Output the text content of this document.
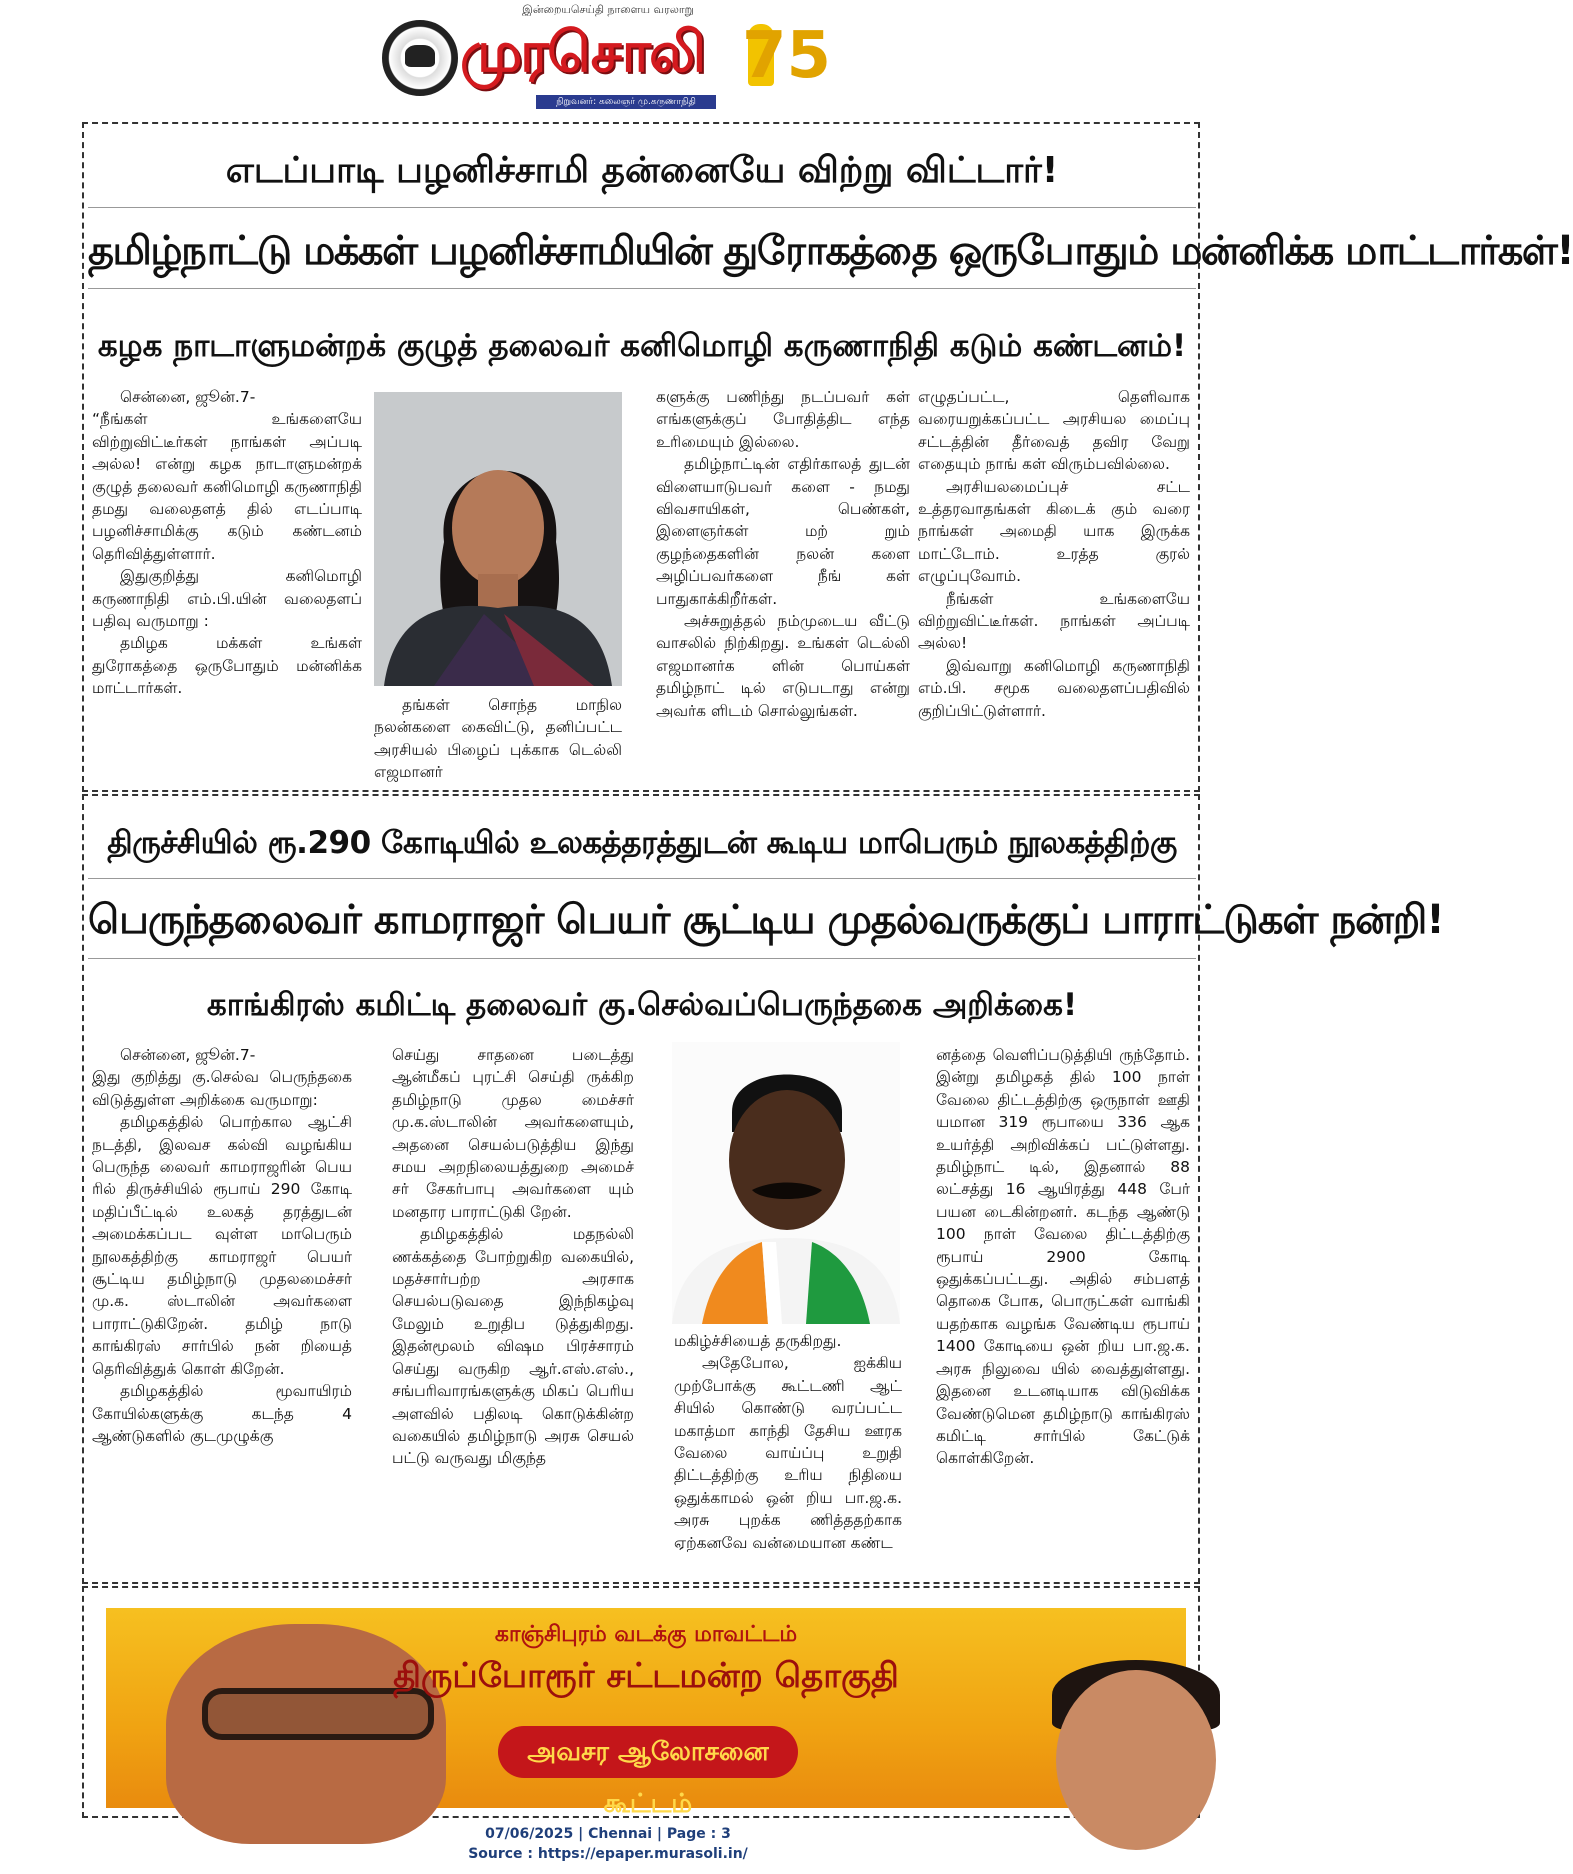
இன்றையசெய்தி நாளைய வரலாறு
முரசொலி
நிறுவனர்: கலைஞர் மு.கருணாநிதி
75
எடப்பாடி பழனிச்சாமி தன்னையே விற்று விட்டார்!
தமிழ்நாட்டு மக்கள் பழனிச்சாமியின் துரோகத்தை ஒருபோதும் மன்னிக்க மாட்டார்கள்!
கழக நாடாளுமன்றக் குழுத் தலைவர் கனிமொழி கருணாநிதி கடும் கண்டனம்!

சென்னை, ஜூன்.7-

“நீங்கள் உங்களையே விற்றுவிட்டீர்கள் நாங்கள் அப்படி அல்ல! என்று கழக நாடாளுமன்றக் குழுத் தலைவர் கனிமொழி கருணாநிதி தமது வலைதளத் தில் எடப்பாடி பழனிச்சாமிக்கு கடும் கண்டனம் தெரிவித்துள்ளார்.

இதுகுறித்து கனிமொழி கருணாநிதி எம்.பி.யின் வலைதளப் பதிவு வருமாறு :

தமிழக மக்கள் உங்கள் துரோகத்தை ஒருபோதும் மன்னிக்க மாட்டார்கள்.

தங்கள் சொந்த மாநில நலன்களை கைவிட்டு, தனிப்பட்ட அரசியல் பிழைப் புக்காக டெல்லி எஜமானர்

களுக்கு பணிந்து நடப்பவர் கள் எங்களுக்குப் போதித்திட எந்த உரிமையும் இல்லை.

தமிழ்நாட்டின் எதிர்காலத் துடன் விளையாடுபவர் களை - நமது விவசாயிகள், பெண்கள், இளைஞர்கள் மற் றும் குழந்தைகளின் நலன் களை அழிப்பவர்களை நீங் கள் பாதுகாக்கிறீர்கள்.

அச்சுறுத்தல் நம்முடைய வீட்டு வாசலில் நிற்கிறது. உங்கள் டெல்லி எஜமானர்க ளின் பொய்கள் தமிழ்நாட் டில் எடுபடாது என்று அவர்க ளிடம் சொல்லுங்கள்.

எழுதப்பட்ட, தெளிவாக வரையறுக்கப்பட்ட அரசியல மைப்பு சட்டத்தின் தீர்வைத் தவிர வேறு எதையும் நாங் கள் விரும்பவில்லை.

அரசியலமைப்புச் சட்ட உத்தரவாதங்கள் கிடைக் கும் வரை நாங்கள் அமைதி யாக இருக்க மாட்டோம். உரத்த குரல் எழுப்புவோம்.

நீங்கள் உங்களையே விற்றுவிட்டீர்கள். நாங்கள் அப்படி அல்ல!

இவ்வாறு கனிமொழி கருணாநிதி எம்.பி. சமூக வலைதளப்பதிவில் குறிப்பிட்டுள்ளார்.

திருச்சியில் ரூ.290 கோடியில் உலகத்தரத்துடன் கூடிய மாபெரும் நூலகத்திற்கு
பெருந்தலைவர் காமராஜர் பெயர் சூட்டிய முதல்வருக்குப் பாராட்டுகள் நன்றி!
காங்கிரஸ் கமிட்டி தலைவர் கு.செல்வப்பெருந்தகை அறிக்கை!

சென்னை, ஜூன்.7-

இது குறித்து கு.செல்வ பெருந்தகை விடுத்துள்ள அறிக்கை வருமாறு:

தமிழகத்தில் பொற்கால ஆட்சி நடத்தி, இலவச கல்வி வழங்கிய பெருந்த லைவர் காமராஜரின் பெய ரில் திருச்சியில் ரூபாய் 290 கோடி மதிப்பீட்டில் உலகத் தரத்துடன் அமைக்கப்பட வுள்ள மாபெரும் நூலகத்திற்கு காமராஜர் பெயர் சூட்டிய தமிழ்நாடு முதலமைச்சர் மு.க. ஸ்டாலின் அவர்களை பாராட்டுகிறேன். தமிழ் நாடு காங்கிரஸ் சார்பில் நன் றியைத் தெரிவித்துக் கொள் கிறேன்.

தமிழகத்தில் மூவாயிரம் கோயில்களுக்கு கடந்த 4 ஆண்டுகளில் குடமுழுக்கு

செய்து சாதனை படைத்து ஆன்மீகப் புரட்சி செய்தி ருக்கிற தமிழ்நாடு முதல மைச்சர் மு.க.ஸ்டாலின் அவர்களையும், அதனை செயல்படுத்திய இந்து சமய அறநிலையத்துறை அமைச் சர் சேகர்பாபு அவர்களை யும் மனதார பாராட்டுகி றேன்.

தமிழகத்தில் மதநல்லி ணக்கத்தை போற்றுகிற வகையில், மதச்சார்பற்ற அரசாக செயல்படுவதை இந்நிகழ்வு மேலும் உறுதிப டுத்துகிறது. இதன்மூலம் விஷம பிரச்சாரம் செய்து வருகிற ஆர்.எஸ்.எஸ்., சங்பரிவாரங்களுக்கு மிகப் பெரிய அளவில் பதிலடி கொடுக்கின்ற வகையில் தமிழ்நாடு அரசு செயல் பட்டு வருவது மிகுந்த

மகிழ்ச்சியைத் தருகிறது.

அதேபோல, ஐக்கிய முற்போக்கு கூட்டணி ஆட் சியில் கொண்டு வரப்பட்ட மகாத்மா காந்தி தேசிய ஊரக வேலை வாய்ப்பு உறுதி திட்டத்திற்கு உரிய நிதியை ஒதுக்காமல் ஒன் றிய பா.ஜ.க. அரசு புறக்க ணித்ததற்காக ஏற்கனவே வன்மையான கண்ட

னத்தை வெளிப்படுத்தியி ருந்தோம். இன்று தமிழகத் தில் 100 நாள் வேலை திட்டத்திற்கு ஒருநாள் ஊதி யமான 319 ரூபாயை 336 ஆக உயர்த்தி அறிவிக்கப் பட்டுள்ளது. தமிழ்நாட் டில், இதனால் 88 லட்சத்து 16 ஆயிரத்து 448 பேர் பயன டைகின்றனர். கடந்த ஆண்டு 100 நாள் வேலை திட்டத்திற்கு ரூபாய் 2900 கோடி ஒதுக்கப்பட்டது. அதில் சம்பளத் தொகை போக, பொருட்கள் வாங்கி யதற்காக வழங்க வேண்டிய ரூபாய் 1400 கோடியை ஒன் றிய பா.ஜ.க. அரசு நிலுவை யில் வைத்துள்ளது. இதனை உடனடியாக விடுவிக்க வேண்டுமென தமிழ்நாடு காங்கிரஸ் கமிட்டி சார்பில் கேட்டுக் கொள்கிறேன்.

காஞ்சிபுரம் வடக்கு மாவட்டம்
திருப்போரூர் சட்டமன்ற தொகுதி
அவசர ஆலோசனை கூட்டம்
07/06/2025 | Chennai | Page : 3
Source : https://epaper.murasoli.in/
